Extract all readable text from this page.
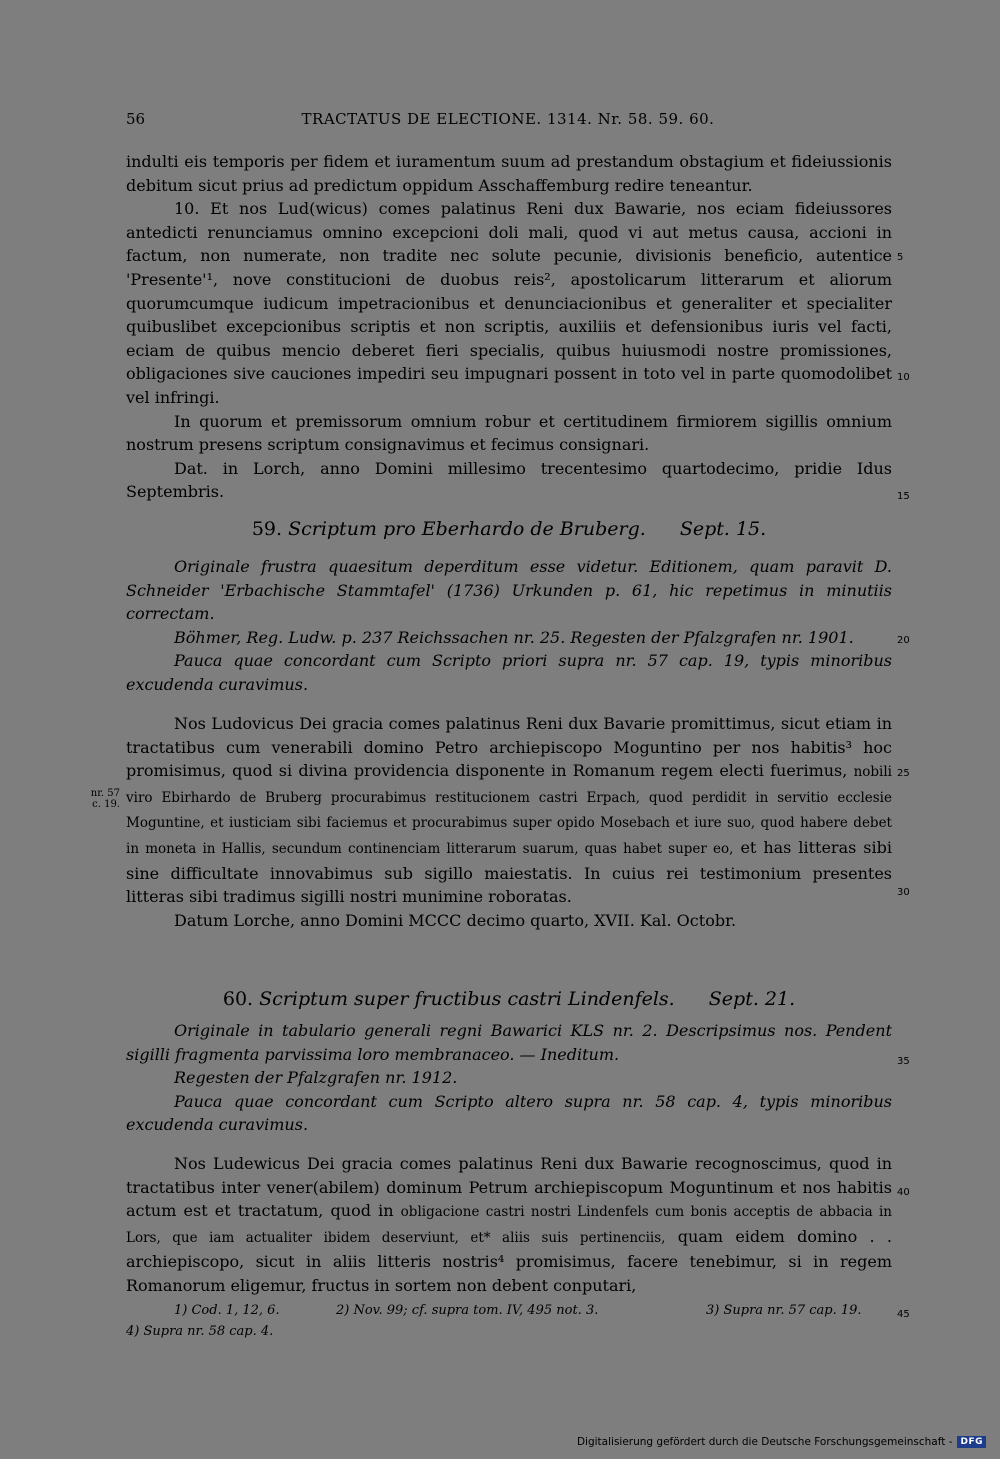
56	TRACTATUS DE ELECTIONE. 1314. Nr. 58. 59. 60.

indulti eis temporis per fidem et iuramentum suum ad prestandum obstagium et fideiussionis debitum sicut prius ad predictum oppidum Asschaffemburg redire teneantur.

10. Et nos Lud(wicus) comes palatinus Reni dux Bawarie, nos eciam fideiussores antedicti renunciamus omnino excepcioni doli mali, quod vi aut metus causa, accioni in factum, non numerate, non tradite nec solute pecunie, divisionis beneficio, autentice 'Presente'¹, nove constitucioni de duobus reis², apostolicarum litterarum et aliorum quorumcumque iudicum impetracionibus et denunciacionibus et generaliter et specialiter quibuslibet excepcionibus scriptis et non scriptis, auxiliis et defensionibus iuris vel facti, eciam de quibus mencio deberet fieri specialis, quibus huiusmodi nostre promissiones, obligaciones sive cauciones impediri seu impugnari possent in toto vel in parte quomodolibet vel infringi.

In quorum et premissorum omnium robur et certitudinem firmiorem sigillis omnium nostrum presens scriptum consignavimus et fecimus consignari.

Dat. in Lorch, anno Domini millesimo trecentesimo quartodecimo, pridie Idus Septembris.

59. Scriptum pro Eberhardo de Bruberg. Sept. 15.

Originale frustra quaesitum deperditum esse videtur. Editionem, quam paravit D. Schneider 'Erbachische Stammtafel' (1736) Urkunden p. 61, hic repetimus in minutiis correctam.

Böhmer, Reg. Ludw. p. 237 Reichssachen nr. 25. Regesten der Pfalzgrafen nr. 1901.

Pauca quae concordant cum Scripto priori supra nr. 57 cap. 19, typis minoribus excudenda curavimus.

nr. 57 c. 19.

Nos Ludovicus Dei gracia comes palatinus Reni dux Bavarie promittimus, sicut etiam in tractatibus cum venerabili domino Petro archiepiscopo Moguntino per nos habitis³ hoc promisimus, quod si divina providencia disponente in Romanum regem electi fuerimus, nobili viro Ebirhardo de Bruberg procurabimus restitucionem castri Erpach, quod perdidit in servitio ecclesie Moguntine, et iusticiam sibi faciemus et procurabimus super opido Mosebach et iure suo, quod habere debet in moneta in Hallis, secundum continenciam litterarum suarum, quas habet super eo, et has litteras sibi sine difficultate innovabimus sub sigillo maiestatis. In cuius rei testimonium presentes litteras sibi tradimus sigilli nostri munimine roboratas.

Datum Lorche, anno Domini MCCC decimo quarto, XVII. Kal. Octobr.

60. Scriptum super fructibus castri Lindenfels. Sept. 21.

Originale in tabulario generali regni Bawarici KLS nr. 2. Descripsimus nos. Pendent sigilli fragmenta parvissima loro membranaceo. — Ineditum.

Regesten der Pfalzgrafen nr. 1912.

Pauca quae concordant cum Scripto altero supra nr. 58 cap. 4, typis minoribus excudenda curavimus.

Nos Ludewicus Dei gracia comes palatinus Reni dux Bawarie recognoscimus, quod in tractatibus inter vener(abilem) dominum Petrum archiepiscopum Moguntinum et nos habitis actum est et tractatum, quod in obligacione castri nostri Lindenfels cum bonis acceptis de abbacia in Lors, que iam actualiter ibidem deserviunt, et* aliis suis pertinenciis, quam eidem domino . . archiepiscopo, sicut in aliis litteris nostris⁴ promisimus, facere tenebimur, si in regem Romanorum eligemur, fructus in sortem non debent conputari,

1) Cod. 1, 12, 6.	2) Nov. 99; cf. supra tom. IV, 495 not. 3.	3) Supra nr. 57 cap. 19.
4) Supra nr. 58 cap. 4.
5
10
15
20
25
30
35
40
45
Digitalisierung gefördert durch die Deutsche Forschungsgemeinschaft - DFG
